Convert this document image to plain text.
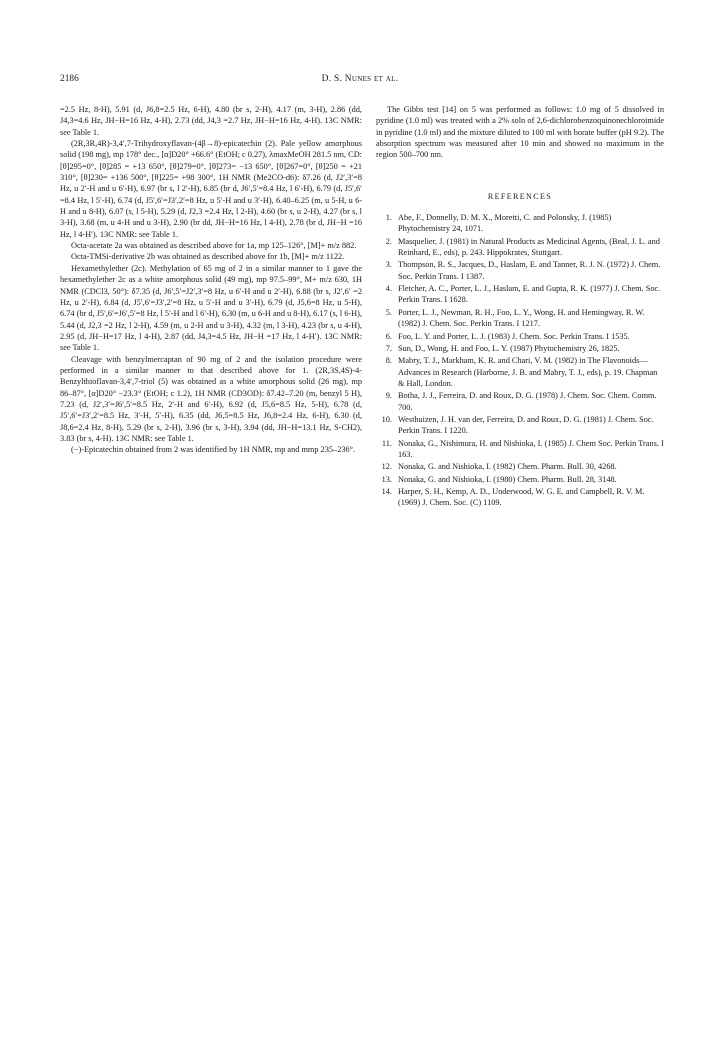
2186	D. S. Nunes et al.

=2.5 Hz, 8-H), 5.91 (d, J6,8=2.5 Hz, 6-H), 4.80 (br s, 2-H), 4.17 (m, 3-H), 2.86 (dd, J4,3=4.6 Hz, JH−H=16 Hz, 4-H), 2.73 (dd, J4,3 =2.7 Hz, JH−H=16 Hz, 4-H). 13C NMR: see Table 1.

(2R,3R,4R)-3,4′,7-Trihydroxyflavan-(4β→8)-epicatechin (2). Pale yellow amorphous solid (198 mg), mp 178° dec., [α]D20° +66.6° (EtOH; c 0.27), λmaxMeOH 281.5 nm, CD: [θ]295=0°, [θ]285 = +13 650°, [θ]279=0°, [θ]273= −13 650°, [θ]267=0°, [θ]250 = +21 310°, [θ]230= +136 500°, [θ]225= +98 300°, 1H NMR (Me2CO-d6): δ7.26 (d, J2′,3′=8 Hz, u 2′-H and u 6′-H), 6.97 (br s, l 2′-H), 6.85 (br d, J6′,5′=8.4 Hz, l 6′-H), 6.79 (d, J5′,6′ =8.4 Hz, l 5′-H), 6.74 (d, J5′,6′=J3′,2′=8 Hz, u 5′-H and u 3′-H), 6.40–6.25 (m, u 5-H, u 6-H and u 8-H), 6.07 (s, l 5-H), 5.29 (d, J2,3 =2.4 Hz, l 2-H), 4.60 (br s, u 2-H), 4.27 (br s, l 3-H), 3.68 (m, u 4-H and u 3-H), 2.90 (br dd, JH−H=16 Hz, l 4-H), 2.78 (br d, JH−H =16 Hz, l 4-H′). 13C NMR: see Table 1.

Octa-acetate 2a was obtained as described above for 1a, mp 125–126°, [M]+ m/z 882.

Octa-TMSi-derivative 2b was obtained as described above for 1b, [M]+ m/z 1122.

Hexamethylether (2c). Methylation of 65 mg of 2 in a similar manner to 1 gave the hexamethylether 2c as a white amorphous solid (49 mg), mp 97.5–99°, M+ m/z 630, 1H NMR (CDCl3, 50°): δ7.35 (d, J6′,5′=J2′,3′=8 Hz, u 6′-H and u 2′-H), 6.88 (br s, J2′,6′ =2 Hz, u 2′-H), 6.84 (d, J5′,6′=J3′,2′=8 Hz, u 5′-H and u 3′-H), 6.79 (d, J5,6=8 Hz, u 5-H), 6.74 (br d, J5′,6′=J6′,5′=8 Hz, l 5′-H and l 6′-H), 6.30 (m, u 6-H and u 8-H), 6.17 (s, l 6-H), 5.44 (d, J2,3 =2 Hz, l 2-H), 4.59 (m, u 2-H and u 3-H), 4.32 (m, l 3-H), 4.23 (br s, u 4-H), 2.95 (d, JH−H=17 Hz, l 4-H), 2.87 (dd, J4,3=4.5 Hz, JH−H =17 Hz, l 4-H′). 13C NMR: see Table 1.

Cleavage with benzylmercaptan of 90 mg of 2 and the isolation procedure were performed in a similar manner to that described above for 1. (2R,3S,4S)-4-Benzylthioflavan-3,4′,7-triol (5) was obtained as a white amorphous solid (26 mg), mp 86–87°, [α]D20° −23.3° (EtOH; c 1.2), 1H NMR (CD3OD): δ7.42–7.20 (m, benzyl 5 H), 7.23 (d, J2′,3′=J6′,5′=8.5 Hz, 2′-H and 6′-H), 6.92 (d, J5,6=8.5 Hz, 5-H), 6.78 (d, J5′,6′=J3′,2′=8.5 Hz, 3′-H, 5′-H), 6.35 (dd, J6,5=8.5 Hz, J6,8=2.4 Hz, 6-H), 6.30 (d, J8,6=2.4 Hz, 8-H), 5.29 (br s, 2-H), 3.96 (br s, 3-H), 3.94 (dd, JH−H=13.1 Hz, S-CH2), 3.83 (br s, 4-H). 13C NMR: see Table 1.

(−)-Epicatechin obtained from 2 was identified by 1H NMR, mp and mmp 235–236°.

The Gibbs test [14] on 5 was performed as follows: 1.0 mg of 5 dissolved in pyridine (1.0 ml) was treated with a 2% soln of 2,6-dichlorobenzoquinonechloroimide in pyridine (1.0 ml) and the mixture diluted to 100 ml with borate buffer (pH 9.2). The absorption spectrum was measured after 10 min and showed no maximum in the region 500–700 nm.

REFERENCES
1. Abe, F., Donnelly, D. M. X., Moretti, C. and Polonsky, J. (1985) Phytochemistry 24, 1071.
2. Masquelier, J. (1981) in Natural Products as Medicinal Agents, (Beal, J. L. and Reinhard, E., eds), p. 243. Hippokrates, Stuttgart.
3. Thompson, R. S., Jacques, D., Haslam, E. and Tanner, R. J. N. (1972) J. Chem. Soc. Perkin Trans. I 1387.
4. Fletcher, A. C., Porter, L. J., Haslam, E. and Gupta, R. K. (1977) J. Chem. Soc. Perkin Trans. I 1628.
5. Porter, L. J., Newman, R. H., Foo, L. Y., Wong, H. and Hemingway, R. W. (1982) J. Chem. Soc. Perkin Trans. I 1217.
6. Foo, L. Y. and Porter, L. J. (1983) J. Chem. Soc. Perkin Trans. I 1535.
7. Sun, D., Wong, H. and Foo, L. Y. (1987) Phytochemistry 26, 1825.
8. Mabry, T. J., Markham, K. R. and Chari, V. M. (1982) in The Flavonoids—Advances in Research (Harborne, J. B. and Mabry, T. J., eds), p. 19. Chapman & Hall, London.
9. Botha, J. J., Ferreira, D. and Roux, D. G. (1978) J. Chem. Soc. Chem. Comm. 700.
10. Westhuizen, J. H. van der, Ferreira, D. and Roux, D. G. (1981) J. Chem. Soc. Perkin Trans. I 1220.
11. Nonaka, G., Nishimura, H. and Nishioka, I. (1985) J. Chem Soc. Perkin Trans. I 163.
12. Nonaka, G. and Nishioka, I. (1982) Chem. Pharm. Bull. 30, 4268.
13. Nonaka, G. and Nishioka, I. (1980) Chem. Pharm. Bull. 28, 3148.
14. Harper, S. H., Kemp, A. D., Underwood, W. G. E. and Campbell, R. V. M. (1969) J. Chem. Soc. (C) 1109.
